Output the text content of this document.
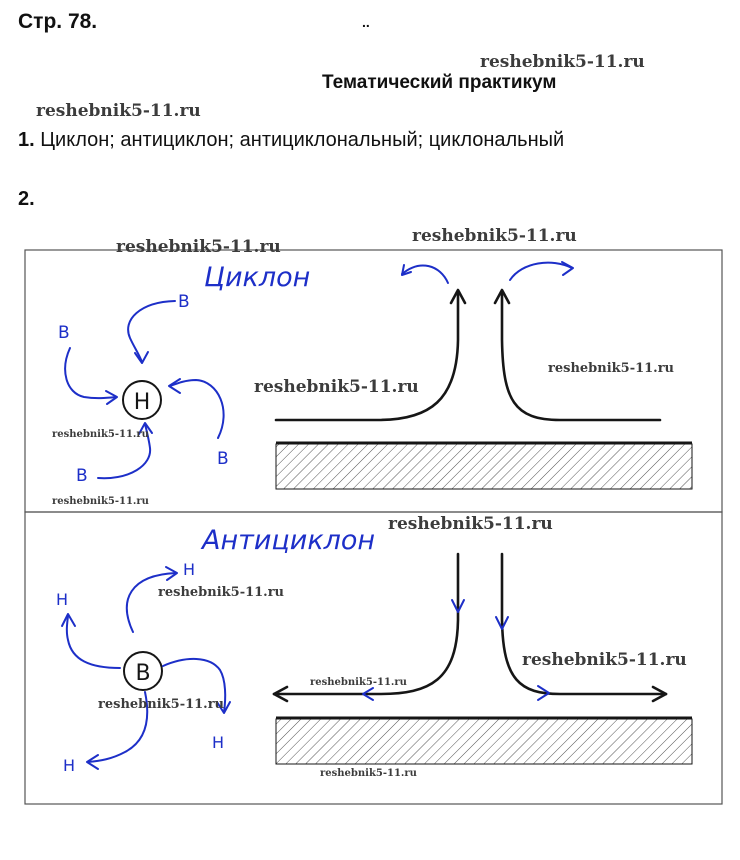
Стр. 78.	..
Тематический практикум
1. Циклон; антициклон; антициклональный; циклональный
2.
Циклон
Н
В
В
В
В
Антициклон
В
Н
Н
Н
Н
reshebnik5-11.ru
reshebnik5-11.ru
reshebnik5-11.ru
reshebnik5-11.ru
reshebnik5-11.ru
reshebnik5-11.ru
reshebnik5-11.ru
reshebnik5-11.ru
reshebnik5-11.ru
reshebnik5-11.ru
reshebnik5-11.ru
reshebnik5-11.ru
reshebnik5-11.ru
reshebnik5-11.ru
